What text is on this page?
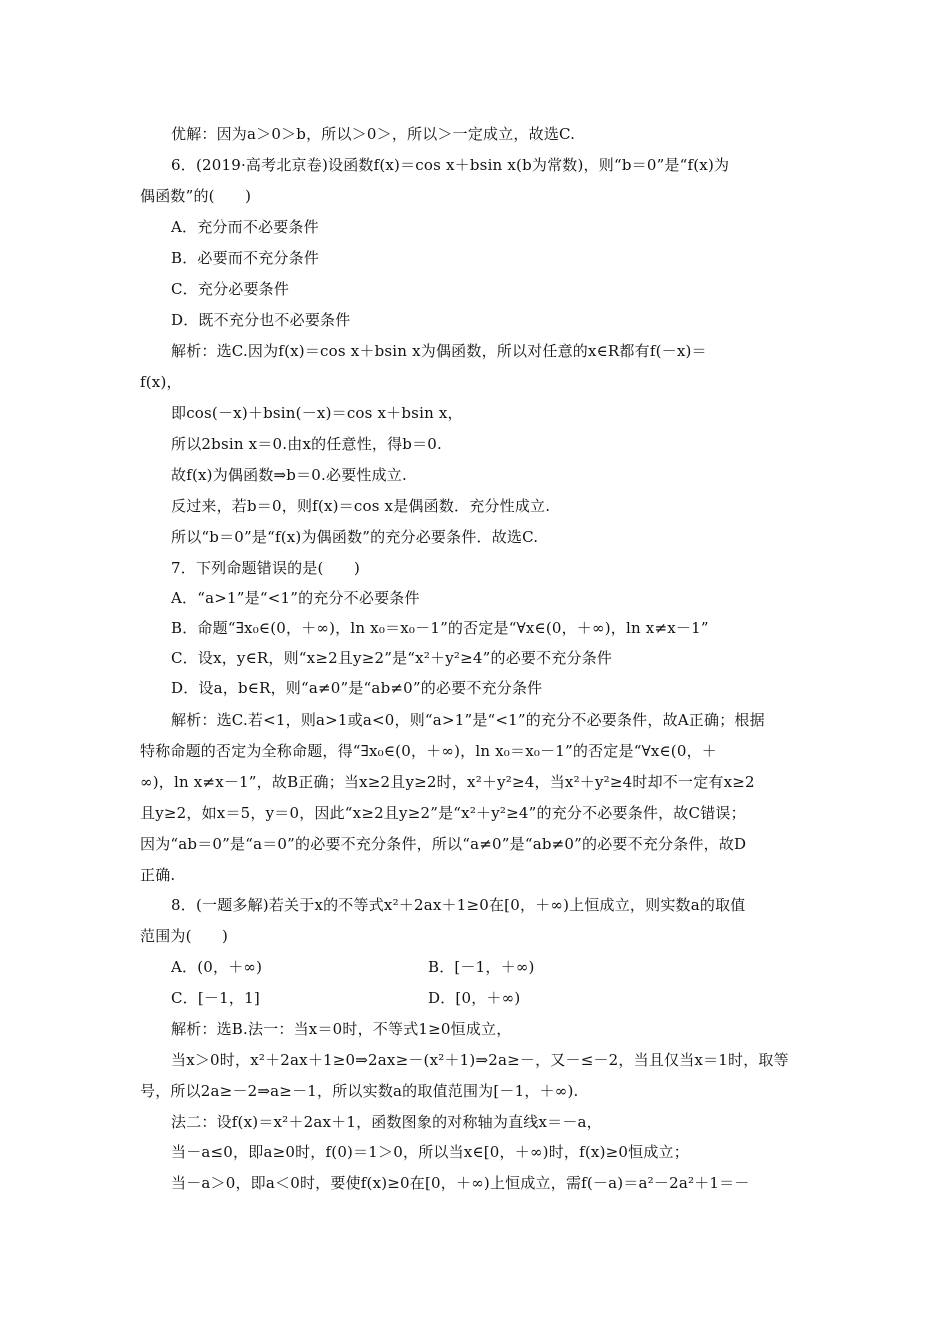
优解：因为a＞0＞b，所以＞0＞，所以＞一定成立，故选C.
6．(2019·高考北京卷)设函数f(x)＝cos x＋bsin x(b为常数)，则“b＝0”是“f(x)为
偶函数”的(　　)
A．充分而不必要条件
B．必要而不充分条件
C．充分必要条件
D．既不充分也不必要条件
解析：选C.因为f(x)＝cos x＋bsin x为偶函数，所以对任意的x∈R都有f(－x)＝
f(x)，
即cos(－x)＋bsin(－x)＝cos x＋bsin x，
所以2bsin x＝0.由x的任意性，得b＝0.
故f(x)为偶函数⇒b＝0.必要性成立.
反过来，若b＝0，则f(x)＝cos x是偶函数．充分性成立.
所以“b＝0”是“f(x)为偶函数”的充分必要条件．故选C.
7．下列命题错误的是(　　)
A．“a>1”是“<1”的充分不必要条件
B．命题“∃x₀∈(0，＋∞)，ln x₀＝x₀－1”的否定是“∀x∈(0，＋∞)，ln x≠x－1”
C．设x，y∈R，则“x≥2且y≥2”是“x²＋y²≥4”的必要不充分条件
D．设a，b∈R，则“a≠0”是“ab≠0”的必要不充分条件
解析：选C.若<1，则a>1或a<0，则“a>1”是“<1”的充分不必要条件，故A正确；根据
特称命题的否定为全称命题，得“∃x₀∈(0，＋∞)，ln x₀＝x₀－1”的否定是“∀x∈(0，＋
∞)，ln x≠x－1”，故B正确；当x≥2且y≥2时，x²＋y²≥4，当x²＋y²≥4时却不一定有x≥2
且y≥2，如x＝5，y＝0，因此“x≥2且y≥2”是“x²＋y²≥4”的充分不必要条件，故C错误；
因为“ab＝0”是“a＝0”的必要不充分条件，所以“a≠0”是“ab≠0”的必要不充分条件，故D
正确.
8．(一题多解)若关于x的不等式x²＋2ax＋1≥0在[0，＋∞)上恒成立，则实数a的取值
范围为(　　)
A．(0，＋∞)	B．[－1，＋∞)
C．[－1，1]	D．[0，＋∞)
解析：选B.法一：当x＝0时，不等式1≥0恒成立，
当x＞0时，x²＋2ax＋1≥0⇒2ax≥－(x²＋1)⇒2a≥－，又－≤－2，当且仅当x＝1时，取等
号，所以2a≥－2⇒a≥－1，所以实数a的取值范围为[－1，＋∞).
法二：设f(x)＝x²＋2ax＋1，函数图象的对称轴为直线x＝－a，
当－a≤0，即a≥0时，f(0)＝1＞0，所以当x∈[0，＋∞)时，f(x)≥0恒成立；
当－a＞0，即a＜0时，要使f(x)≥0在[0，＋∞)上恒成立，需f(－a)＝a²－2a²＋1＝－
